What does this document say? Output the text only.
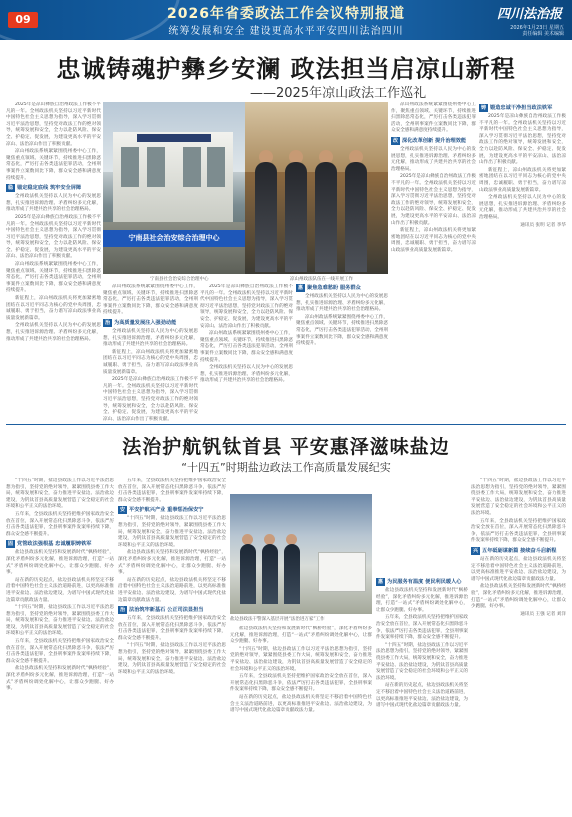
09	2026年省委政法工作会议特别报道
统筹发展和安全 建设更高水平平安四川法治四川
四川法治报
2026年1月23日 星期五
责任编辑 美术编辑
忠诚铸魂护彝乡安澜 政法担当启凉山新程
——2025年凉山政法工作巡礼

2025年是凉山彝族自治州政法工作极不平凡的一年。全州政法机关坚持以习近平新时代中国特色社会主义思想为指导，深入学习贯彻习近平法治思想，坚持党对政法工作的绝对领导，统筹发展和安全，全力以赴防风险、保安全、护稳定、促发展，为建设更高水平的平安凉山、法治凉山作出了积极贡献。

凉山州政法系统紧紧围绕州委中心工作，聚焦重点领域、关键环节，持续推进扫黑除恶常态化，严厉打击各类违法犯罪活动，全州刑事案件立案数同比下降，群众安全感和满意度持续提升。

稳 锚定稳定底线 筑牢安全屏障

全州政法机关坚持以人民为中心的发展思想，扎实推进诉源治理、矛盾纠纷多元化解，推动形成了共建共治共享的社会治理格局。

2025年是凉山彝族自治州政法工作极不平凡的一年。全州政法机关坚持以习近平新时代中国特色社会主义思想为指导，深入学习贯彻习近平法治思想，坚持党对政法工作的绝对领导，统筹发展和安全，全力以赴防风险、保安全、护稳定、促发展，为建设更高水平的平安凉山、法治凉山作出了积极贡献。

凉山州政法系统紧紧围绕州委中心工作，聚焦重点领域、关键环节，持续推进扫黑除恶常态化，严厉打击各类违法犯罪活动，全州刑事案件立案数同比下降，群众安全感和满意度持续提升。

新征程上，凉山州政法机关将更加紧密地团结在以习近平同志为核心的党中央周围，忠诚履职、勇于担当，奋力谱写凉山政法事业高质量发展新篇章。

全州政法机关坚持以人民为中心的发展思想，扎实推进诉源治理、矛盾纠纷多元化解，推动形成了共建共治共享的社会治理格局。

宁南县社会治安综合治理中心
宁南县社会治安综合治理中心	凉山州政法队伍在一线开展工作

凉山州政法系统紧紧围绕州委中心工作，聚焦重点领域、关键环节，持续推进扫黑除恶常态化，严厉打击各类违法犯罪活动，全州刑事案件立案数同比下降，群众安全感和满意度持续提升。

治 为高质量发展注入强劲动能

全州政法机关坚持以人民为中心的发展思想，扎实推进诉源治理、矛盾纠纷多元化解，推动形成了共建共治共享的社会治理格局。

新征程上，凉山州政法机关将更加紧密地团结在以习近平同志为核心的党中央周围，忠诚履职、勇于担当，奋力谱写凉山政法事业高质量发展新篇章。

2025年是凉山彝族自治州政法工作极不平凡的一年。全州政法机关坚持以习近平新时代中国特色社会主义思想为指导，深入学习贯彻习近平法治思想，坚持党对政法工作的绝对领导，统筹发展和安全，全力以赴防风险、保安全、护稳定、促发展，为建设更高水平的平安凉山、法治凉山作出了积极贡献。

2025年是凉山彝族自治州政法工作极不平凡的一年。全州政法机关坚持以习近平新时代中国特色社会主义思想为指导，深入学习贯彻习近平法治思想，坚持党对政法工作的绝对领导，统筹发展和安全，全力以赴防风险、保安全、护稳定、促发展，为建设更高水平的平安凉山、法治凉山作出了积极贡献。

凉山州政法系统紧紧围绕州委中心工作，聚焦重点领域、关键环节，持续推进扫黑除恶常态化，严厉打击各类违法犯罪活动，全州刑事案件立案数同比下降，群众安全感和满意度持续提升。

全州政法机关坚持以人民为中心的发展思想，扎实推进诉源治理、矛盾纠纷多元化解，推动形成了共建共治共享的社会治理格局。

惠 聚焦急难愁盼 服务群众

全州政法机关坚持以人民为中心的发展思想，扎实推进诉源治理、矛盾纠纷多元化解，推动形成了共建共治共享的社会治理格局。

凉山州政法系统紧紧围绕州委中心工作，聚焦重点领域、关键环节，持续推进扫黑除恶常态化，严厉打击各类违法犯罪活动，全州刑事案件立案数同比下降，群众安全感和满意度持续提升。

凉山州政法系统紧紧围绕州委中心工作，聚焦重点领域、关键环节，持续推进扫黑除恶常态化，严厉打击各类违法犯罪活动，全州刑事案件立案数同比下降，群众安全感和满意度持续提升。

改 深化改革创新 提升治理效能

全州政法机关坚持以人民为中心的发展思想，扎实推进诉源治理、矛盾纠纷多元化解，推动形成了共建共治共享的社会治理格局。

2025年是凉山彝族自治州政法工作极不平凡的一年。全州政法机关坚持以习近平新时代中国特色社会主义思想为指导，深入学习贯彻习近平法治思想，坚持党对政法工作的绝对领导，统筹发展和安全，全力以赴防风险、保安全、护稳定、促发展，为建设更高水平的平安凉山、法治凉山作出了积极贡献。

新征程上，凉山州政法机关将更加紧密地团结在以习近平同志为核心的党中央周围，忠诚履职、勇于担当，奋力谱写凉山政法事业高质量发展新篇章。

铸 锻造忠诚干净担当政法铁军

2025年是凉山彝族自治州政法工作极不平凡的一年。全州政法机关坚持以习近平新时代中国特色社会主义思想为指导，深入学习贯彻习近平法治思想，坚持党对政法工作的绝对领导，统筹发展和安全，全力以赴防风险、保安全、护稳定、促发展，为建设更高水平的平安凉山、法治凉山作出了积极贡献。

新征程上，凉山州政法机关将更加紧密地团结在以习近平同志为核心的党中央周围，忠诚履职、勇于担当，奋力谱写凉山政法事业高质量发展新篇章。

全州政法机关坚持以人民为中心的发展思想，扎实推进诉源治理、矛盾纠纷多元化解，推动形成了共建共治共享的社会治理格局。

通讯员 张明 记者 李华

法治护航钒钛首县 平安惠泽滋味盐边
“十四五”时期盐边政法工作高质量发展纪实

“十四五”时期，盐边县政法工作以习近平法治思想为指引，坚持党的绝对领导，紧紧围绕县委工作大局，统筹发展和安全，奋力推进平安盐边、法治盐边建设，为钒钛首县高质量发展营造了安全稳定的社会环境和公平正义的法治环境。

五年来，全县政法机关坚持把维护国家政治安全放在首位，深入开展常态化扫黑除恶斗争，依法严厉打击各类违法犯罪，全县刑事案件发案率持续下降，群众安全感不断提升。

固 党管政法强根基 忠诚履职铸铁军

盐边县政法机关坚持和发展新时代“枫桥经验”，深化矛盾纠纷多元化解，推进诉源治理，打造“一站式”矛盾纠纷调处化解中心，让群众少跑腿、好办事。

站在新的历史起点，盐边县政法机关将坚定不移沿着中国特色社会主义法治道路前进，以更高标准推进平安盐边、法治盐边建设，为谱写中国式现代化盐边篇章贡献政法力量。

“十四五”时期，盐边县政法工作以习近平法治思想为指引，坚持党的绝对领导，紧紧围绕县委工作大局，统筹发展和安全，奋力推进平安盐边、法治盐边建设，为钒钛首县高质量发展营造了安全稳定的社会环境和公平正义的法治环境。

五年来，全县政法机关坚持把维护国家政治安全放在首位，深入开展常态化扫黑除恶斗争，依法严厉打击各类违法犯罪，全县刑事案件发案率持续下降，群众安全感不断提升。

盐边县政法机关坚持和发展新时代“枫桥经验”，深化矛盾纠纷多元化解，推进诉源治理，打造“一站式”矛盾纠纷调处化解中心，让群众少跑腿、好办事。

五年来，全县政法机关坚持把维护国家政治安全放在首位，深入开展常态化扫黑除恶斗争，依法严厉打击各类违法犯罪，全县刑事案件发案率持续下降，群众安全感不断提升。

安 平安护航兴产业 重拳惩治保安宁

“十四五”时期，盐边县政法工作以习近平法治思想为指引，坚持党的绝对领导，紧紧围绕县委工作大局，统筹发展和安全，奋力推进平安盐边、法治盐边建设，为钒钛首县高质量发展营造了安全稳定的社会环境和公平正义的法治环境。

盐边县政法机关坚持和发展新时代“枫桥经验”，深化矛盾纠纷多元化解，推进诉源治理，打造“一站式”矛盾纠纷调处化解中心，让群众少跑腿、好办事。

站在新的历史起点，盐边县政法机关将坚定不移沿着中国特色社会主义法治道路前进，以更高标准推进平安盐边、法治盐边建设，为谱写中国式现代化盐边篇章贡献政法力量。

治 法治筑牢新基石 公正司法显担当

五年来，全县政法机关坚持把维护国家政治安全放在首位，深入开展常态化扫黑除恶斗争，依法严厉打击各类违法犯罪，全县刑事案件发案率持续下降，群众安全感不断提升。

“十四五”时期，盐边县政法工作以习近平法治思想为指引，坚持党的绝对领导，紧紧围绕县委工作大局，统筹发展和安全，奋力推进平安盐边、法治盐边建设，为钒钛首县高质量发展营造了安全稳定的社会环境和公平正义的法治环境。

盐边县政法干警深入基层开展“法治进万家”工作

盐边县政法机关坚持和发展新时代“枫桥经验”，深化矛盾纠纷多元化解，推进诉源治理，打造“一站式”矛盾纠纷调处化解中心，让群众少跑腿、好办事。

“十四五”时期，盐边县政法工作以习近平法治思想为指引，坚持党的绝对领导，紧紧围绕县委工作大局，统筹发展和安全，奋力推进平安盐边、法治盐边建设，为钒钛首县高质量发展营造了安全稳定的社会环境和公平正义的法治环境。

五年来，全县政法机关坚持把维护国家政治安全放在首位，深入开展常态化扫黑除恶斗争，依法严厉打击各类违法犯罪，全县刑事案件发案率持续下降，群众安全感不断提升。

站在新的历史起点，盐边县政法机关将坚定不移沿着中国特色社会主义法治道路前进，以更高标准推进平安盐边、法治盐边建设，为谱写中国式现代化盐边篇章贡献政法力量。

惠 为民服务有温度 便民利民暖人心

盐边县政法机关坚持和发展新时代“枫桥经验”，深化矛盾纠纷多元化解，推进诉源治理，打造“一站式”矛盾纠纷调处化解中心，让群众少跑腿、好办事。

五年来，全县政法机关坚持把维护国家政治安全放在首位，深入开展常态化扫黑除恶斗争，依法严厉打击各类违法犯罪，全县刑事案件发案率持续下降，群众安全感不断提升。

“十四五”时期，盐边县政法工作以习近平法治思想为指引，坚持党的绝对领导，紧紧围绕县委工作大局，统筹发展和安全，奋力推进平安盐边、法治盐边建设，为钒钛首县高质量发展营造了安全稳定的社会环境和公平正义的法治环境。

站在新的历史起点，盐边县政法机关将坚定不移沿着中国特色社会主义法治道路前进，以更高标准推进平安盐边、法治盐边建设，为谱写中国式现代化盐边篇章贡献政法力量。

“十四五”时期，盐边县政法工作以习近平法治思想为指引，坚持党的绝对领导，紧紧围绕县委工作大局，统筹发展和安全，奋力推进平安盐边、法治盐边建设，为钒钛首县高质量发展营造了安全稳定的社会环境和公平正义的法治环境。

五年来，全县政法机关坚持把维护国家政治安全放在首位，深入开展常态化扫黑除恶斗争，依法严厉打击各类违法犯罪，全县刑事案件发案率持续下降，群众安全感不断提升。

兴 五年砥砺谋新篇 接续奋斗启新程

站在新的历史起点，盐边县政法机关将坚定不移沿着中国特色社会主义法治道路前进，以更高标准推进平安盐边、法治盐边建设，为谱写中国式现代化盐边篇章贡献政法力量。

盐边县政法机关坚持和发展新时代“枫桥经验”，深化矛盾纠纷多元化解，推进诉源治理，打造“一站式”矛盾纠纷调处化解中心，让群众少跑腿、好办事。

通讯员 王强 记者 刘洋
